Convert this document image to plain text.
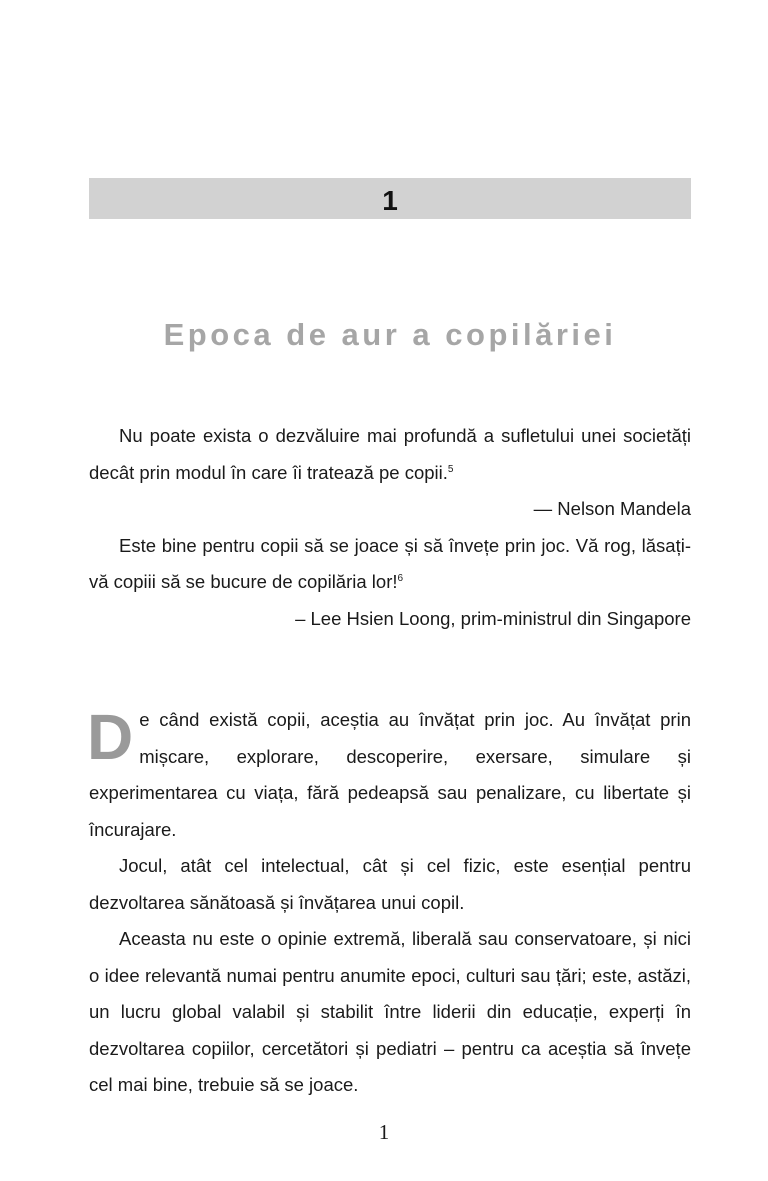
1
Epoca de aur a copilăriei

Nu poate exista o dezvăluire mai profundă a sufletului unei societăți decât prin modul în care îi tratează pe copii.$^5$

— Nelson Mandela

Este bine pentru copii să se joace și să învețe prin joc. Vă rog, lăsați-vă copiii să se bucure de copilăria lor!$^6$

– Lee Hsien Loong, prim-ministrul din Singapore

De când există copii, aceștia au învățat prin joc. Au învățat prin mișcare, explorare, descoperire, exersare, simulare și experimentarea cu viața, fără pedeapsă sau penalizare, cu libertate și încurajare.

Jocul, atât cel intelectual, cât și cel fizic, este esențial pentru dezvoltarea sănătoasă și învățarea unui copil.

Aceasta nu este o opinie extremă, liberală sau conservatoare, și nici o idee relevantă numai pentru anumite epoci, culturi sau țări; este, astăzi, un lucru global valabil și stabilit între liderii din educație, experți în dezvoltarea copiilor, cercetători și pediatri – pentru ca aceștia să învețe cel mai bine, trebuie să se joace.

1
